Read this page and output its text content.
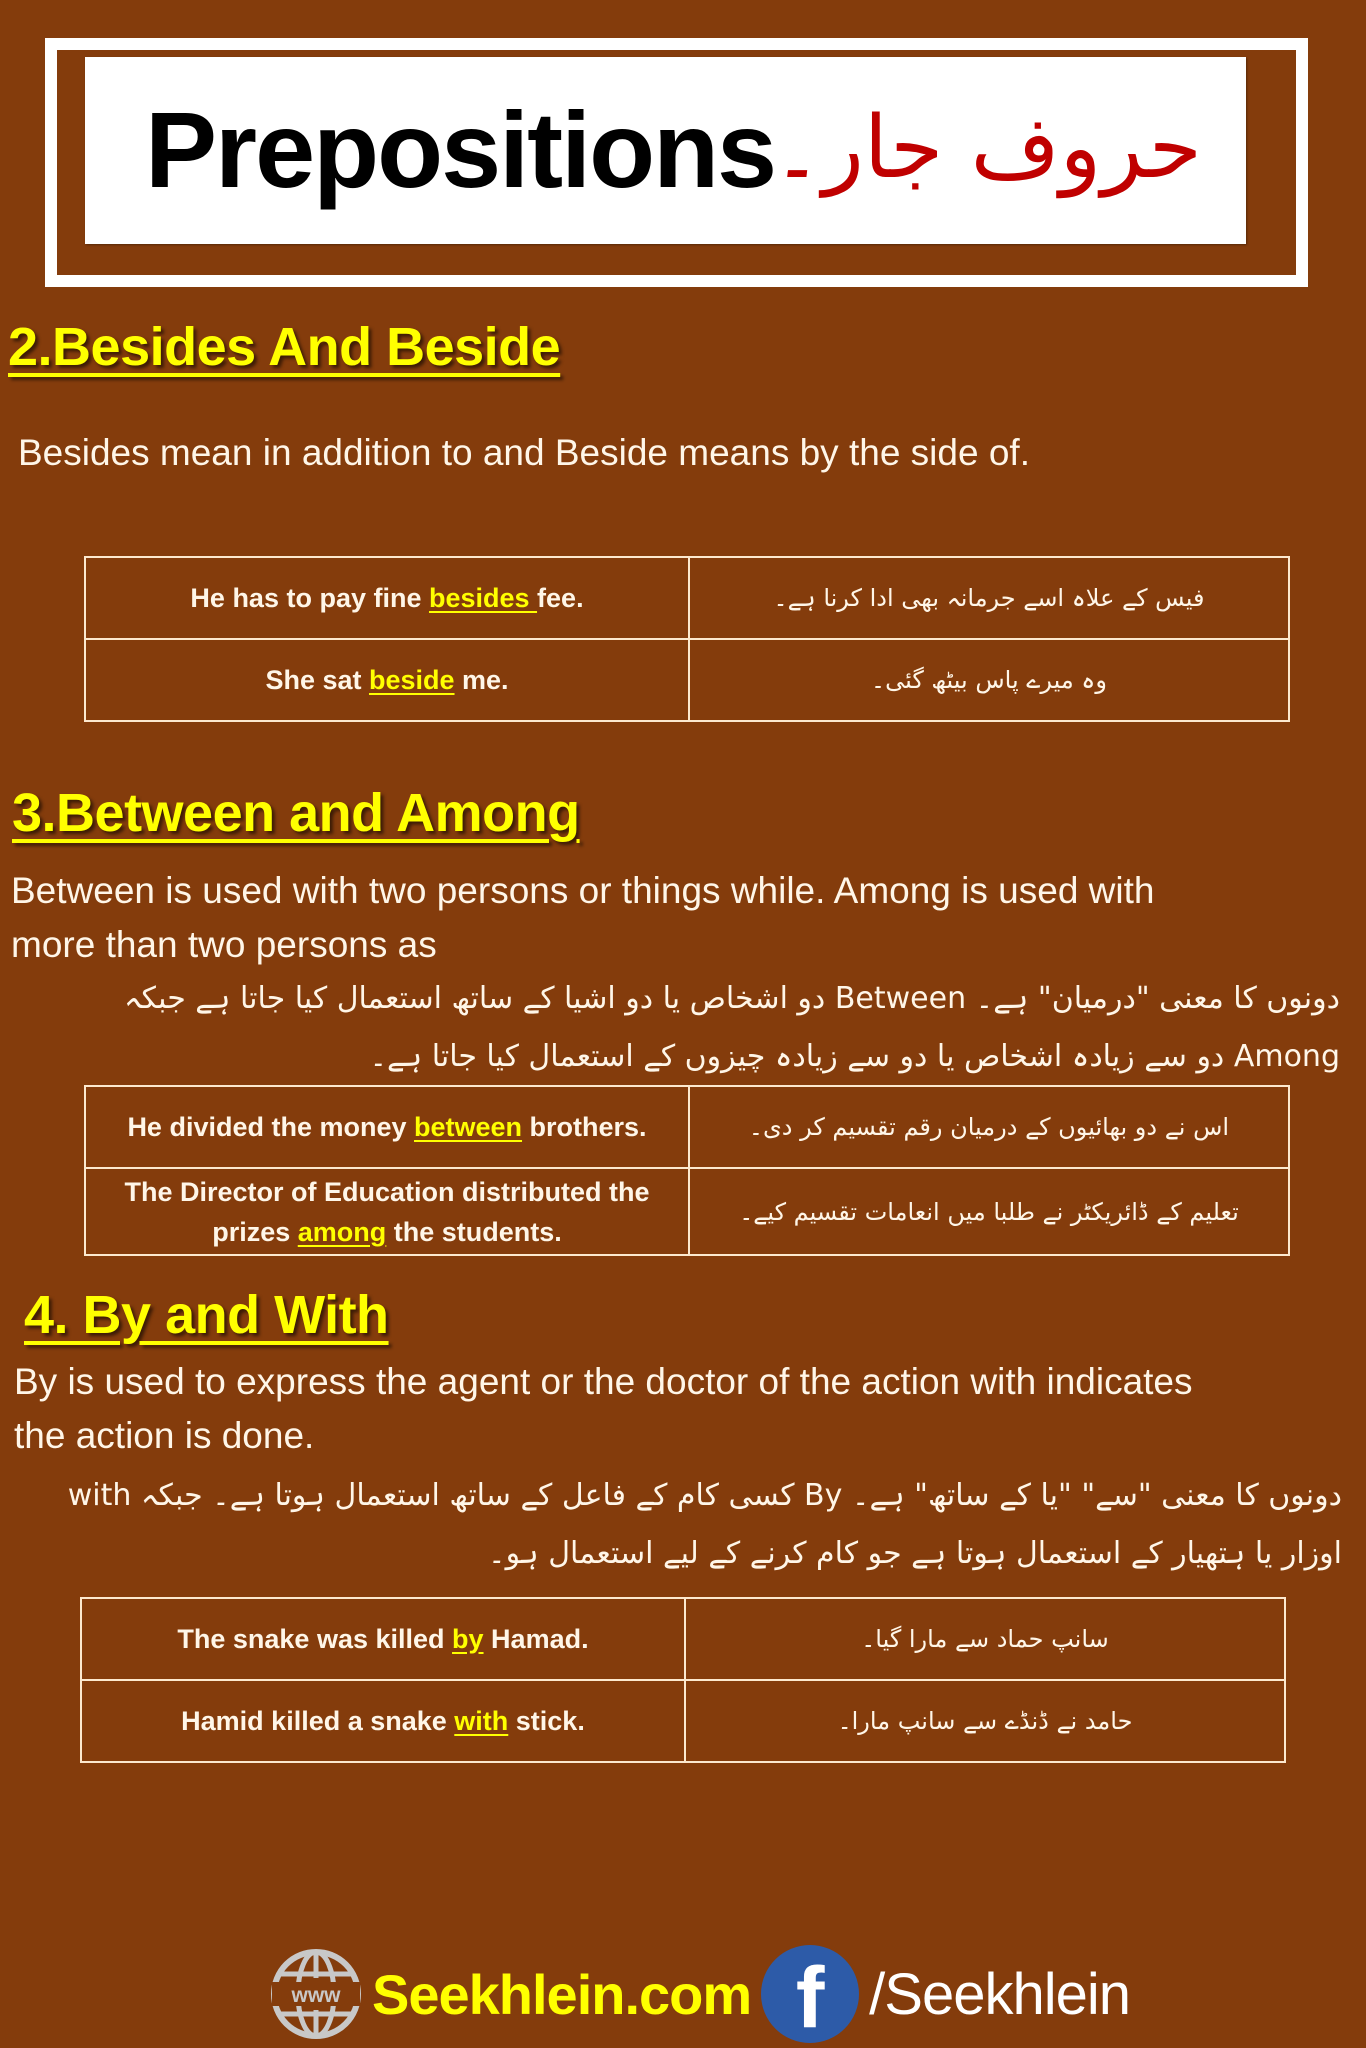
Prepositions
حروف جار۔
2.Besides And Beside
Besides mean in addition to and Beside means by the side of.
He has to pay fine besides fee.	فیس کے علاہ اسے جرمانہ بھی ادا کرنا ہے۔
She sat beside me.	وہ میرے پاس بیٹھ گئی۔
3.Between and Among
Between is used with two persons or things while. Among is used with
more than two persons as
دونوں کا معنی "درمیان" ہے۔ Between دو اشخاص یا دو اشیا کے ساتھ استعمال کیا جاتا ہے جبکہ Among دو سے زیادہ اشخاص یا دو سے زیادہ چیزوں کے استعمال کیا جاتا ہے۔
He divided the money between brothers.	اس نے دو بھائیوں کے درمیان رقم تقسیم کر دی۔
The Director of Education distributed the prizes among the students.	تعلیم کے ڈائریکٹر نے طلبا میں انعامات تقسیم کیے۔
4. By and With
By is used to express the agent or the doctor of the action with indicates
the action is done.
دونوں کا معنی "سے" "یا کے ساتھ" ہے۔ By کسی کام کے فاعل کے ساتھ استعمال ہوتا ہے۔ جبکہ with اوزار یا ہتھیار کے استعمال ہوتا ہے جو کام کرنے کے لیے استعمال ہو۔
The snake was killed by Hamad.	سانپ حماد سے مارا گیا۔
Hamid killed a snake with stick.	حامد نے ڈنڈے سے سانپ مارا۔
www Seekhlein.com f /Seekhlein
